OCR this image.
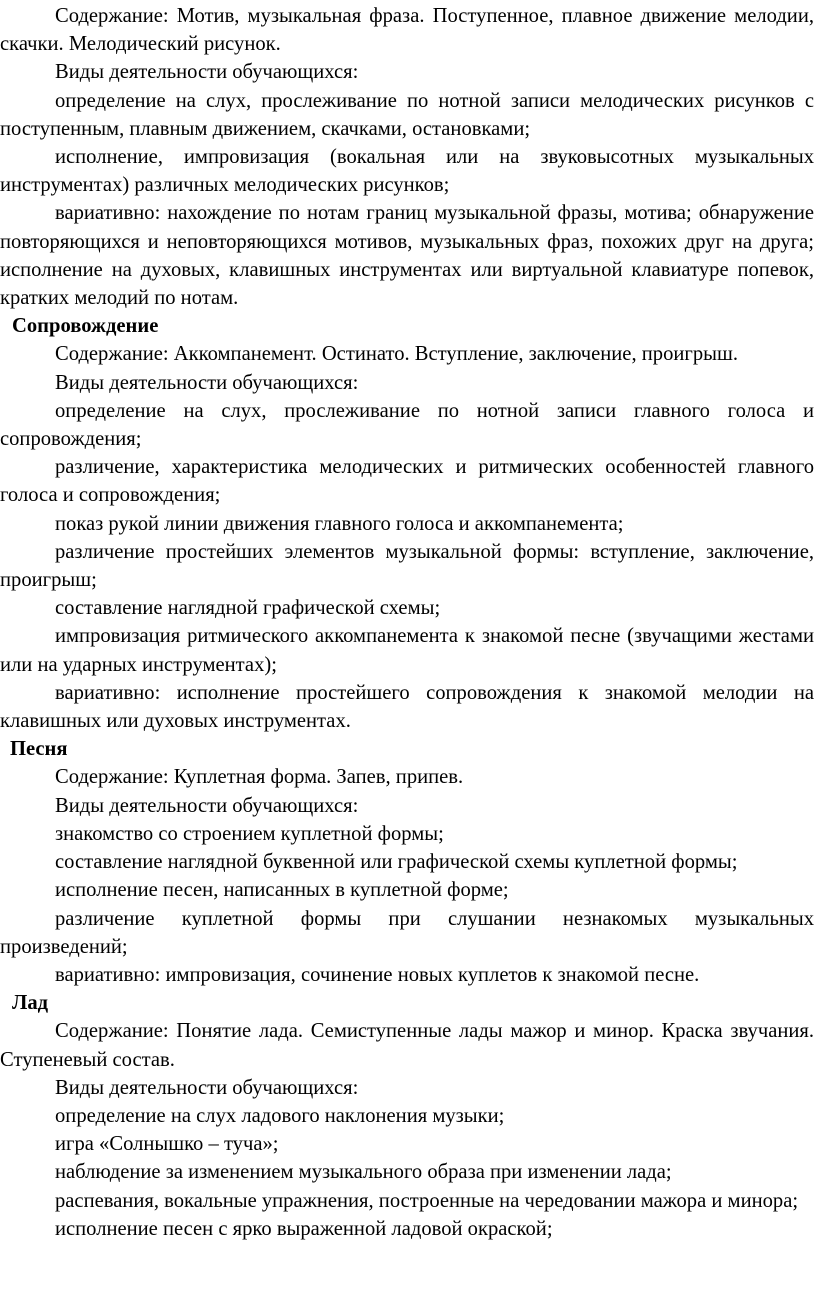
Содержание: Мотив, музыкальная фраза. Поступенное, плавное движение мелодии, скачки. Мелодический рисунок.

Виды деятельности обучающихся:

определение на слух, прослеживание по нотной записи мелодических рисунков с поступенным, плавным движением, скачками, остановками;

исполнение, импровизация (вокальная или на звуковысотных музыкальных инструментах) различных мелодических рисунков;

вариативно: нахождение по нотам границ музыкальной фразы, мотива; обнаружение повторяющихся и неповторяющихся мотивов, музыкальных фраз, похожих друг на друга; исполнение на духовых, клавишных инструментах или виртуальной клавиатуре попевок, кратких мелодий по нотам.

Сопровождение

Содержание: Аккомпанемент. Остинато. Вступление, заключение, проигрыш.

Виды деятельности обучающихся:

определение на слух, прослеживание по нотной записи главного голоса и сопровождения;

различение, характеристика мелодических и ритмических особенностей главного голоса и сопровождения;

показ рукой линии движения главного голоса и аккомпанемента;

различение простейших элементов музыкальной формы: вступление, заключение, проигрыш;

составление наглядной графической схемы;

импровизация ритмического аккомпанемента к знакомой песне (звучащими жестами или на ударных инструментах);

вариативно: исполнение простейшего сопровождения к знакомой мелодии на клавишных или духовых инструментах.

Песня

Содержание: Куплетная форма. Запев, припев.

Виды деятельности обучающихся:

знакомство со строением куплетной формы;

составление наглядной буквенной или графической схемы куплетной формы;

исполнение песен, написанных в куплетной форме;

различение куплетной формы при слушании незнакомых музыкальных произведений;

вариативно: импровизация, сочинение новых куплетов к знакомой песне.

Лад

Содержание: Понятие лада. Семиступенные лады мажор и минор. Краска звучания. Ступеневый состав.

Виды деятельности обучающихся:

определение на слух ладового наклонения музыки;

игра «Солнышко – туча»;

наблюдение за изменением музыкального образа при изменении лада;

распевания, вокальные упражнения, построенные на чередовании мажора и минора;

исполнение песен с ярко выраженной ладовой окраской;
